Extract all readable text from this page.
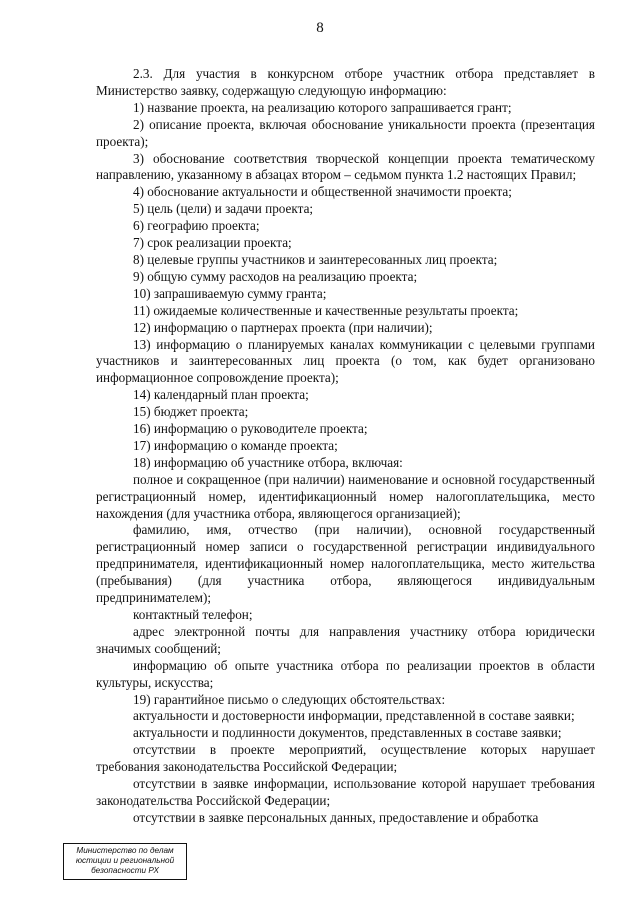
8

2.3. Для участия в конкурсном отборе участник отбора представляет в Министерство заявку, содержащую следующую информацию:

1) название проекта, на реализацию которого запрашивается грант;

2) описание проекта, включая обоснование уникальности проекта (презентация проекта);

3) обоснование соответствия творческой концепции проекта тематическому направлению, указанному в абзацах втором – седьмом пункта 1.2 настоящих Правил;

4) обоснование актуальности и общественной значимости проекта;

5) цель (цели) и задачи проекта;

6) географию проекта;

7) срок реализации проекта;

8) целевые группы участников и заинтересованных лиц проекта;

9) общую сумму расходов на реализацию проекта;

10) запрашиваемую сумму гранта;

11) ожидаемые количественные и качественные результаты проекта;

12) информацию о партнерах проекта (при наличии);

13) информацию о планируемых каналах коммуникации с целевыми группами участников и заинтересованных лиц проекта (о том, как будет организовано информационное сопровождение проекта);

14) календарный план проекта;

15) бюджет проекта;

16) информацию о руководителе проекта;

17) информацию о команде проекта;

18) информацию об участнике отбора, включая:

полное и сокращенное (при наличии) наименование и основной государственный регистрационный номер, идентификационный номер налогоплательщика, место нахождения (для участника отбора, являющегося организацией);

фамилию, имя, отчество (при наличии), основной государственный регистрационный номер записи о государственной регистрации индивидуального предпринимателя, идентификационный номер налогоплательщика, место жительства (пребывания) (для участника отбора, являющегося индивидуальным предпринимателем);

контактный телефон;

адрес электронной почты для направления участнику отбора юридически значимых сообщений;

информацию об опыте участника отбора по реализации проектов в области культуры, искусства;

19) гарантийное письмо о следующих обстоятельствах:

актуальности и достоверности информации, представленной в составе заявки;

актуальности и подлинности документов, представленных в составе заявки;

отсутствии в проекте мероприятий, осуществление которых нарушает требования законодательства Российской Федерации;

отсутствии в заявке информации, использование которой нарушает требования законодательства Российской Федерации;

отсутствии в заявке персональных данных, предоставление и обработка

Министерство по делам
юстиции и региональной
безопасности РХ
